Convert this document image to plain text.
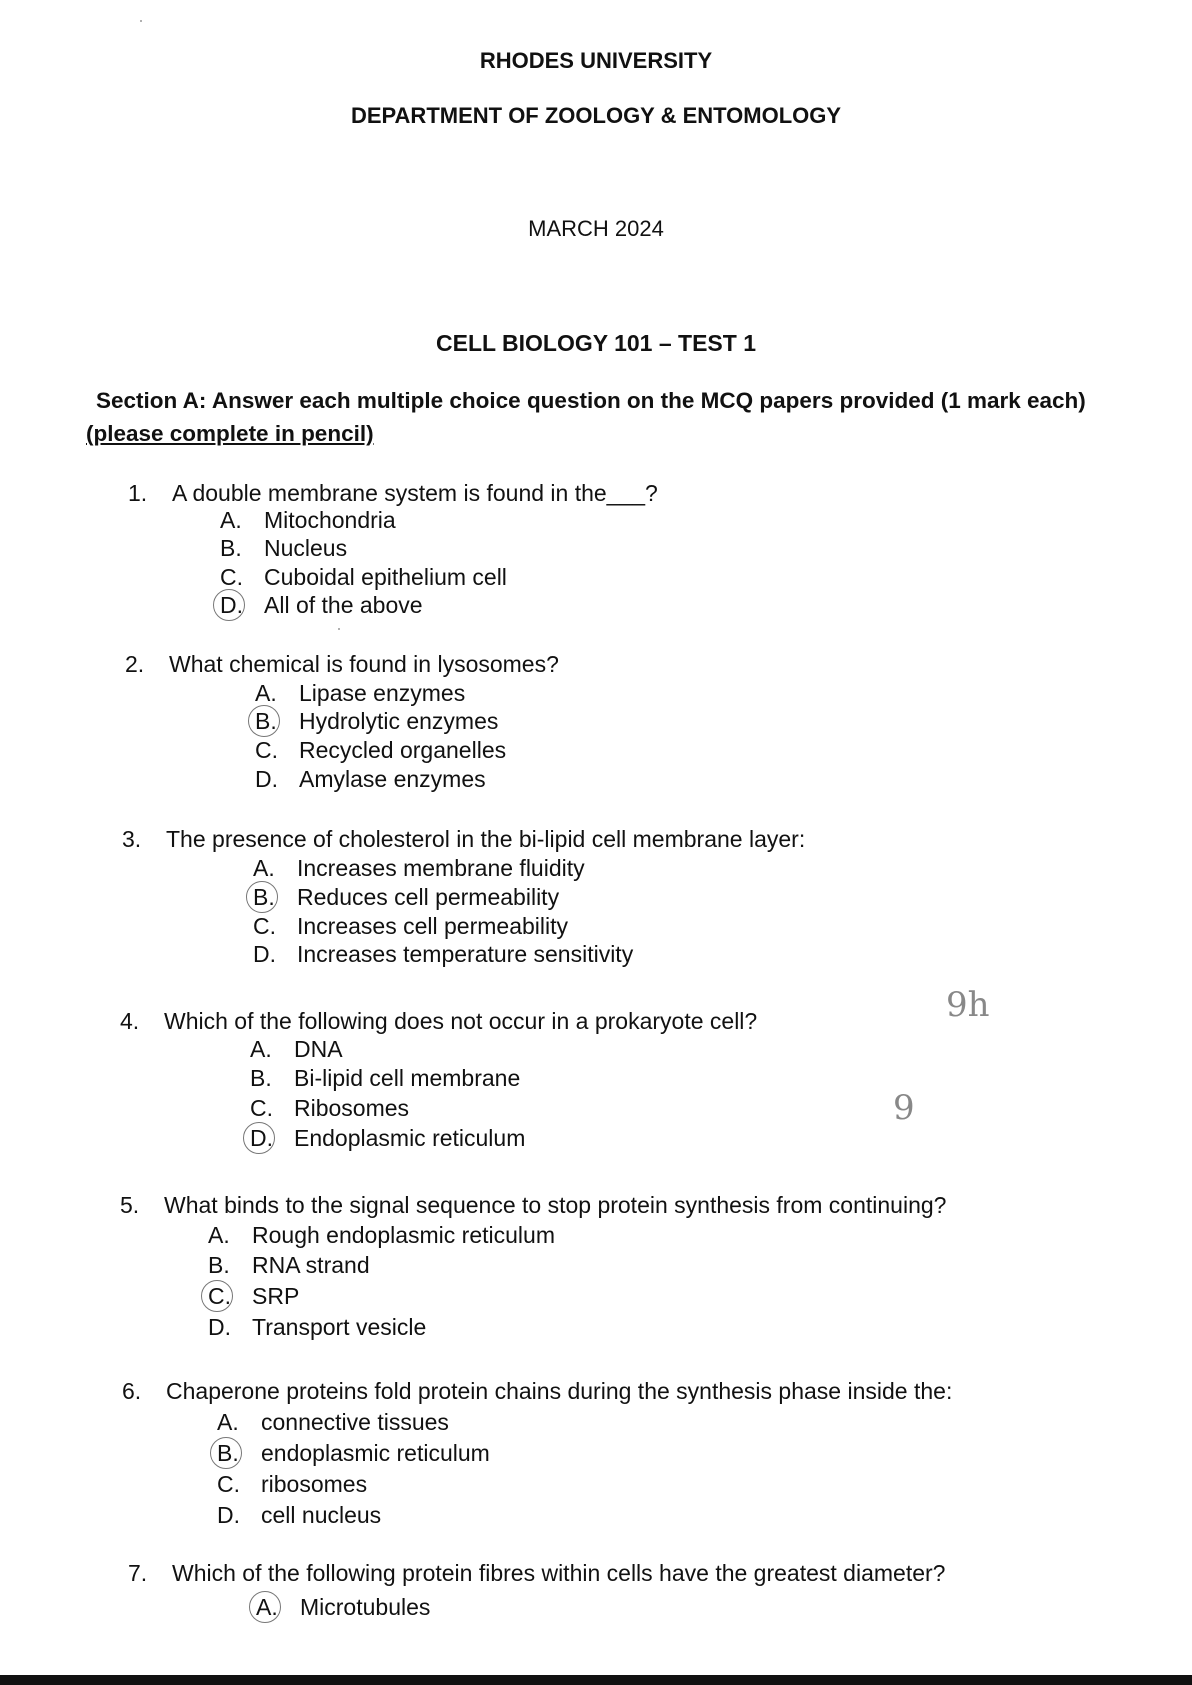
RHODES UNIVERSITY
DEPARTMENT OF ZOOLOGY & ENTOMOLOGY
MARCH 2024
CELL BIOLOGY 101 – TEST 1
Section A: Answer each multiple choice question on the MCQ papers provided (1 mark each) (please complete in pencil)
1. A double membrane system is found in the___?
A. Mitochondria
B. Nucleus
C. Cuboidal epithelium cell
D. All of the above
2. What chemical is found in lysosomes?
A. Lipase enzymes
B. Hydrolytic enzymes
C. Recycled organelles
D. Amylase enzymes
3. The presence of cholesterol in the bi-lipid cell membrane layer:
A. Increases membrane fluidity
B. Reduces cell permeability
C. Increases cell permeability
D. Increases temperature sensitivity
4. Which of the following does not occur in a prokaryote cell?
A. DNA
B. Bi-lipid cell membrane
C. Ribosomes
D. Endoplasmic reticulum
5. What binds to the signal sequence to stop protein synthesis from continuing?
A. Rough endoplasmic reticulum
B. RNA strand
C. SRP
D. Transport vesicle
6. Chaperone proteins fold protein chains during the synthesis phase inside the:
A. connective tissues
B. endoplasmic reticulum
C. ribosomes
D. cell nucleus
7. Which of the following protein fibres within cells have the greatest diameter?
A. Microtubules
9h
9
